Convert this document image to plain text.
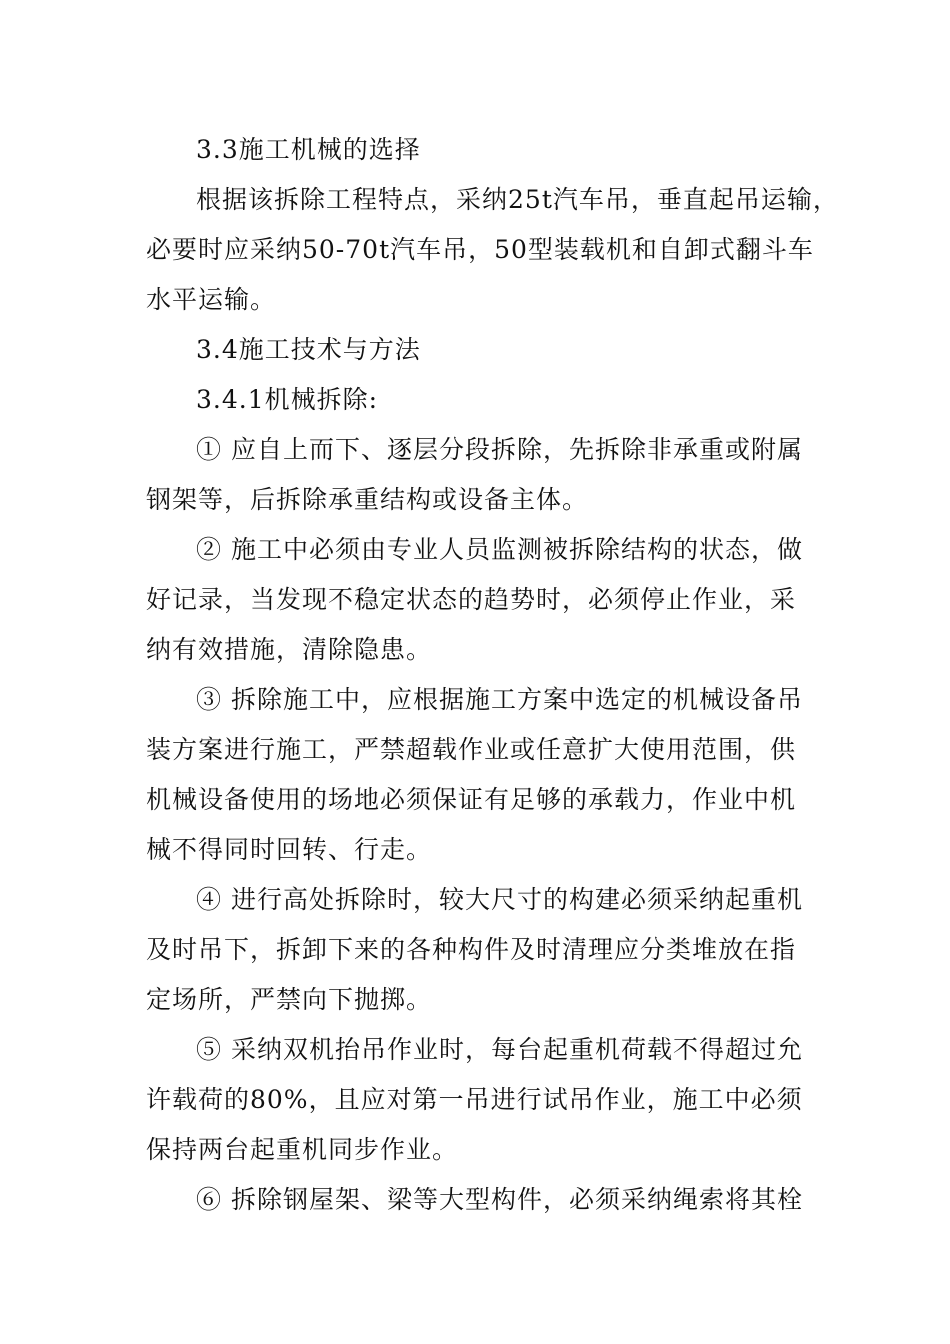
3.3施工机械的选择
根据该拆除工程特点，采纳25t汽车吊，垂直起吊运输，
必要时应采纳50-70t汽车吊，50型装载机和自卸式翻斗车
水平运输。
3.4施工技术与方法
3.4.1机械拆除:
① 应自上而下、逐层分段拆除，先拆除非承重或附属
钢架等，后拆除承重结构或设备主体。
② 施工中必须由专业人员监测被拆除结构的状态，做
好记录，当发现不稳定状态的趋势时，必须停止作业，采
纳有效措施，清除隐患。
③ 拆除施工中，应根据施工方案中选定的机械设备吊
装方案进行施工，严禁超载作业或任意扩大使用范围，供
机械设备使用的场地必须保证有足够的承载力，作业中机
械不得同时回转、行走。
④ 进行高处拆除时，较大尺寸的构建必须采纳起重机
及时吊下，拆卸下来的各种构件及时清理应分类堆放在指
定场所，严禁向下抛掷。
⑤ 采纳双机抬吊作业时，每台起重机荷载不得超过允
许载荷的80%，且应对第一吊进行试吊作业，施工中必须
保持两台起重机同步作业。
⑥ 拆除钢屋架、梁等大型构件，必须采纳绳索将其栓
